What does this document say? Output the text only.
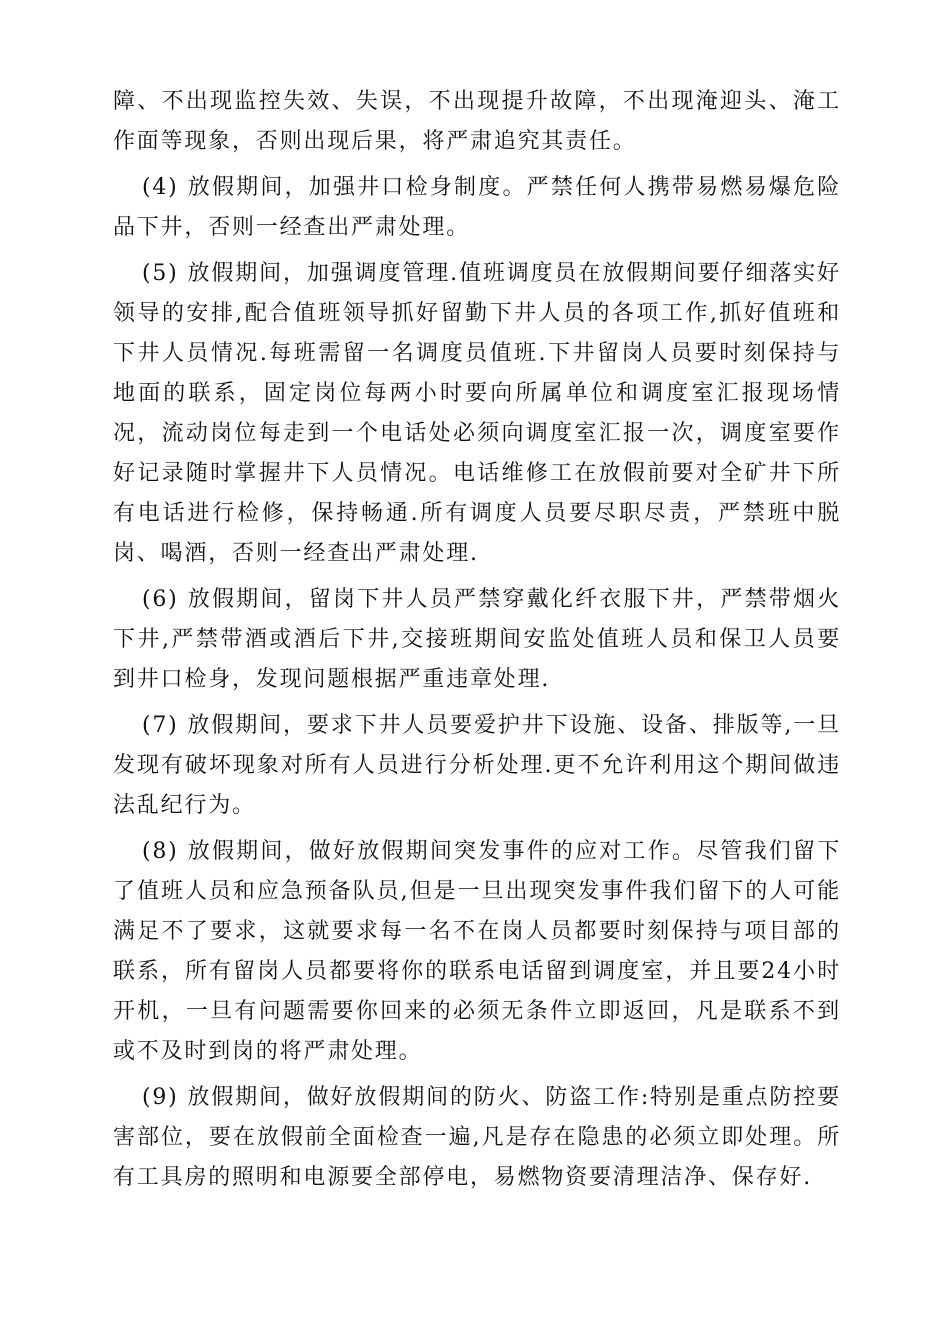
障、不出现监控失效、失误，不出现提升故障，不出现淹迎头、淹工作面等现象，否则出现后果，将严肃追究其责任。

(4) 放假期间，加强井口检身制度。严禁任何人携带易燃易爆危险品下井，否则一经查出严肃处理。

(5) 放假期间，加强调度管理.值班调度员在放假期间要仔细落实好领导的安排,配合值班领导抓好留勤下井人员的各项工作,抓好值班和下井人员情况.每班需留一名调度员值班.下井留岗人员要时刻保持与地面的联系，固定岗位每两小时要向所属单位和调度室汇报现场情况，流动岗位每走到一个电话处必须向调度室汇报一次，调度室要作好记录随时掌握井下人员情况。电话维修工在放假前要对全矿井下所有电话进行检修，保持畅通.所有调度人员要尽职尽责，严禁班中脱岗、喝酒，否则一经查出严肃处理.

(6) 放假期间，留岗下井人员严禁穿戴化纤衣服下井，严禁带烟火下井,严禁带酒或酒后下井,交接班期间安监处值班人员和保卫人员要到井口检身，发现问题根据严重违章处理.

(7) 放假期间，要求下井人员要爱护井下设施、设备、排版等,一旦发现有破坏现象对所有人员进行分析处理.更不允许利用这个期间做违法乱纪行为。

(8) 放假期间，做好放假期间突发事件的应对工作。尽管我们留下了值班人员和应急预备队员,但是一旦出现突发事件我们留下的人可能满足不了要求，这就要求每一名不在岗人员都要时刻保持与项目部的联系，所有留岗人员都要将你的联系电话留到调度室，并且要24小时开机，一旦有问题需要你回来的必须无条件立即返回，凡是联系不到或不及时到岗的将严肃处理。

(9) 放假期间，做好放假期间的防火、防盗工作:特别是重点防控要害部位，要在放假前全面检查一遍,凡是存在隐患的必须立即处理。所有工具房的照明和电源要全部停电，易燃物资要清理洁净、保存好.
